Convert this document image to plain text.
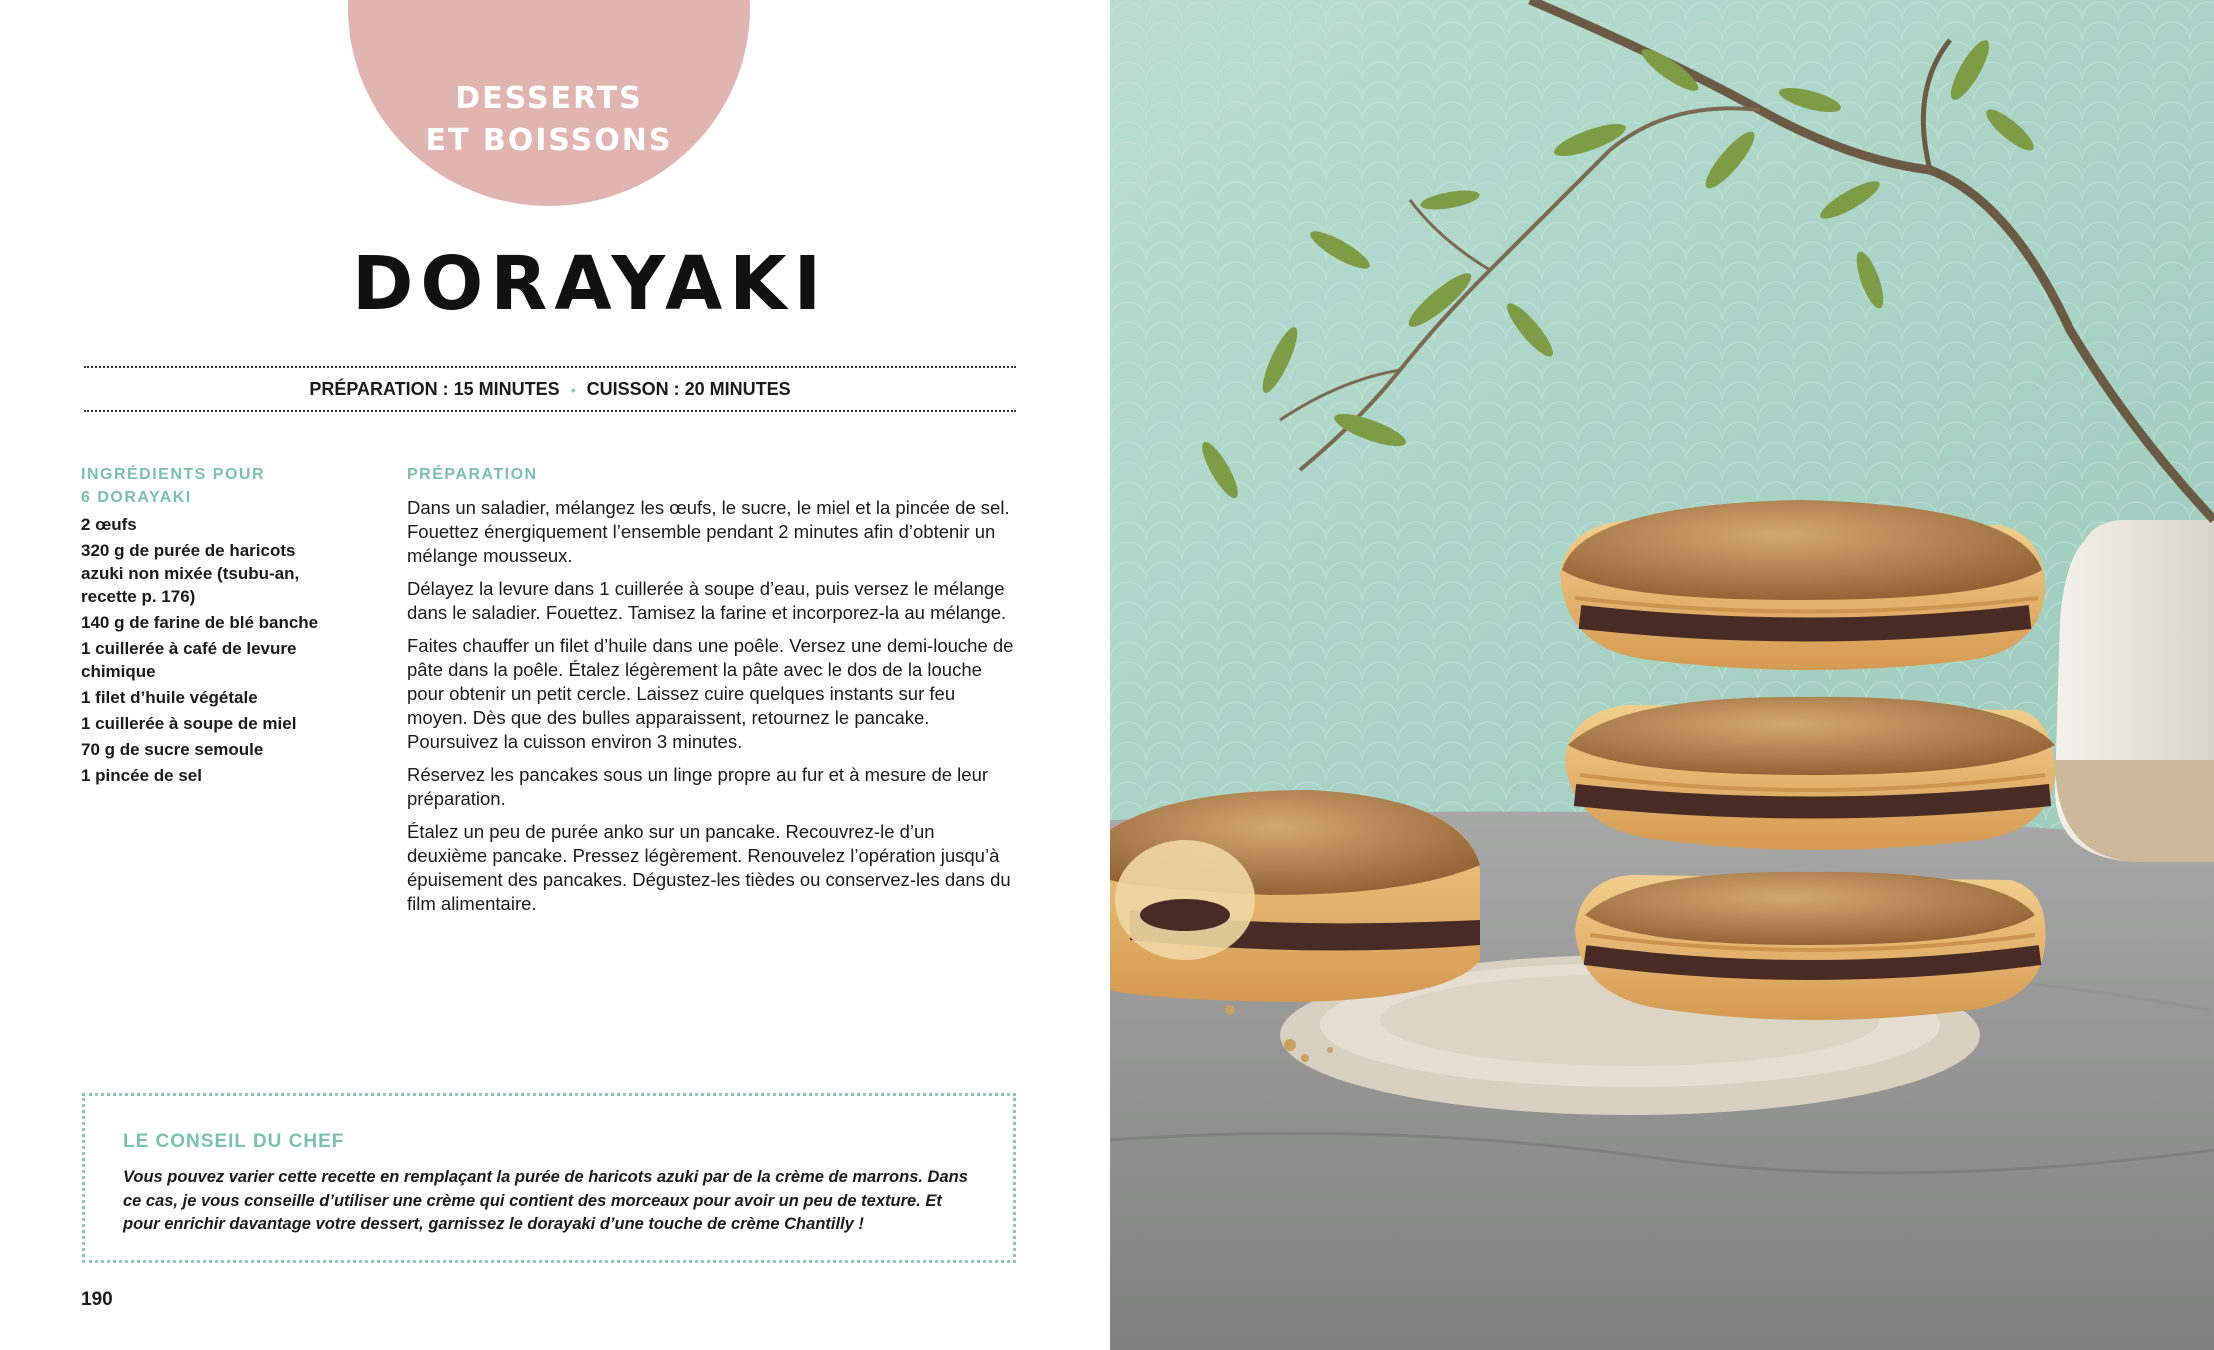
DESSERTS
ET BOISSONS
DORAYAKI
PRÉPARATION : 15 MINUTES • CUISSON : 20 MINUTES
INGRÉDIENTS POUR
6 DORAYAKI
2 œufs
320 g de purée de haricots azuki non mixée (tsubu-an, recette p. 176)
140 g de farine de blé banche
1 cuillerée à café de levure chimique
1 filet d’huile végétale
1 cuillerée à soupe de miel
70 g de sucre semoule
1 pincée de sel
PRÉPARATION

Dans un saladier, mélangez les œufs, le sucre, le miel et la pincée de sel. Fouettez énergiquement l’ensemble pendant 2 minutes afin d’obtenir un mélange mousseux.

Délayez la levure dans 1 cuillerée à soupe d’eau, puis versez le mélange dans le saladier. Fouettez. Tamisez la farine et incorporez-la au mélange.

Faites chauffer un filet d’huile dans une poêle. Versez une demi-louche de pâte dans la poêle. Étalez légèrement la pâte avec le dos de la louche pour obtenir un petit cercle. Laissez cuire quelques instants sur feu moyen. Dès que des bulles apparaissent, retournez le pancake. Poursuivez la cuisson environ 3 minutes.

Réservez les pancakes sous un linge propre au fur et à mesure de leur préparation.

Étalez un peu de purée anko sur un pancake. Recouvrez-le d’un deuxième pancake. Pressez légèrement. Renouvelez l’opération jusqu’à épuisement des pancakes. Dégustez-les tièdes ou conservez-les dans du film alimentaire.

LE CONSEIL DU CHEF
Vous pouvez varier cette recette en remplaçant la purée de haricots azuki par de la crème de marrons. Dans ce cas, je vous conseille d’utiliser une crème qui contient des morceaux pour avoir un peu de texture. Et pour enrichir davantage votre dessert, garnissez le dorayaki d’une touche de crème Chantilly !
190
